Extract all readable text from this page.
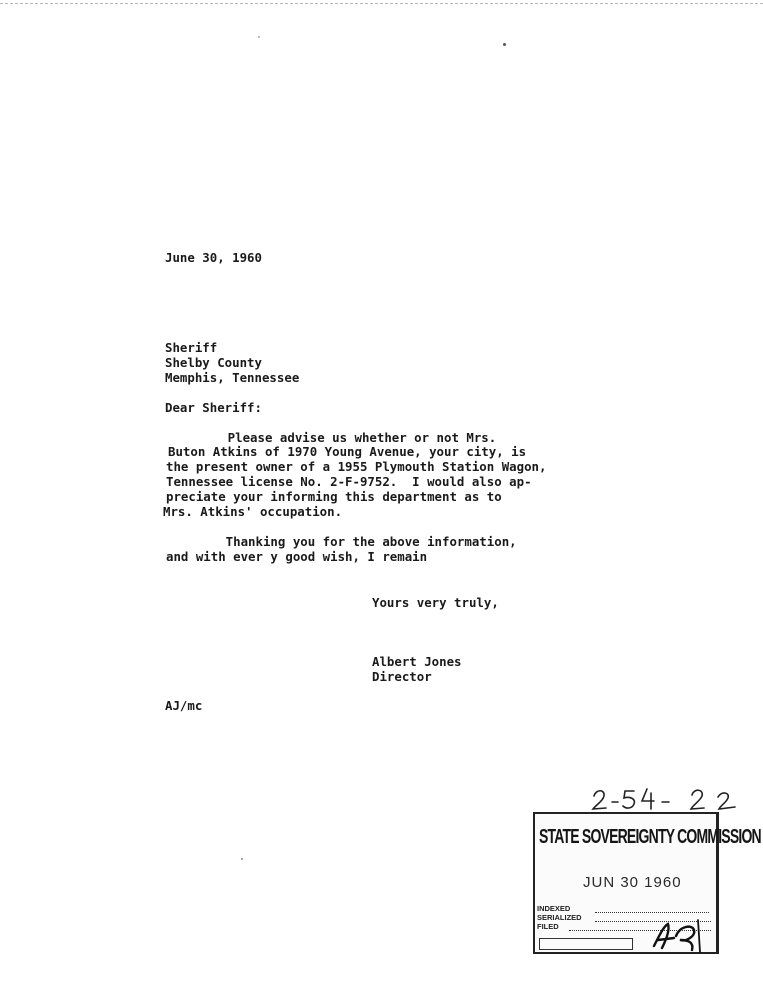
June 30, 1960
Sheriff
Shelby County
Memphis, Tennessee
Dear Sheriff:
Please advise us whether or not Mrs.
Buton Atkins of 1970 Young Avenue, your city, is
the present owner of a 1955 Plymouth Station Wagon,
Tennessee license No. 2-F-9752.  I would also ap-
preciate your informing this department as to
Mrs. Atkins' occupation.
Thanking you for the above information,
and with ever y good wish, I remain
Yours very truly,
Albert Jones
Director
AJ/mc
STATE SOVEREIGNTY COMMISSION
JUN 30 1960
INDEXED
SERIALIZED
FILED
